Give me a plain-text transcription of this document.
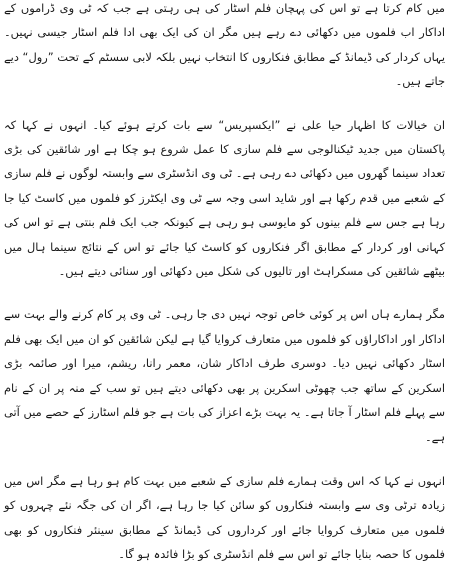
میں کام کرتا ہے تو اس کی پہچان فلم اسٹار کی ہی رہتی ہے جب کہ ٹی وی ڈراموں کے اداکار اب فلموں میں دکھائی دے رہے ہیں مگر ان کی ایک بھی ادا فلم اسٹار جیسی نہیں۔ یہاں کردار کی ڈیمانڈ کے مطابق فنکاروں کا انتخاب نہیں بلکہ لابی سسٹم کے تحت ”رول“ دیے جاتے ہیں۔

ان خیالات کا اظہار حیا علی نے ”ایکسپریس“ سے بات کرتے ہوئے کیا۔ انہوں نے کہا کہ پاکستان میں جدید ٹیکنالوجی سے فلم سازی کا عمل شروع ہو چکا ہے اور شائقین کی بڑی تعداد سینما گھروں میں دکھائی دے رہی ہے۔ ٹی وی انڈسٹری سے وابستہ لوگوں نے فلم سازی کے شعبے میں قدم رکھا ہے اور شاید اسی وجہ سے ٹی وی ایکٹرز کو فلموں میں کاسٹ کیا جا رہا ہے جس سے فلم بینوں کو مایوسی ہو رہی ہے کیونکہ جب ایک فلم بنتی ہے تو اس کی کہانی اور کردار کے مطابق اگر فنکاروں کو کاسٹ کیا جائے تو اس کے نتائج سینما ہال میں بیٹھے شائقین کی مسکراہٹ اور تالیوں کی شکل میں دکھائی اور سنائی دیتے ہیں۔

مگر ہمارے ہاں اس پر کوئی خاص توجہ نہیں دی جا رہی۔ ٹی وی پر کام کرنے والے بہت سے اداکار اور اداکاراؤں کو فلموں میں متعارف کروایا گیا ہے لیکن شائقین کو ان میں ایک بھی فلم اسٹار دکھائی نہیں دیا۔ دوسری طرف اداکار شان، معمر رانا، ریشم، میرا اور صائمہ بڑی اسکرین کے ساتھ جب چھوٹی اسکرین پر بھی دکھائی دیتے ہیں تو سب کے منہ پر ان کے نام سے پہلے فلم اسٹار آ جاتا ہے۔ یہ بہت بڑے اعزاز کی بات ہے جو فلم اسٹارز کے حصے میں آتی ہے۔

انہوں نے کہا کہ اس وقت ہمارے فلم سازی کے شعبے میں بہت کام ہو رہا ہے مگر اس میں زیادہ ترٹی وی سے وابستہ فنکاروں کو سائن کیا جا رہا ہے، اگر ان کی جگہ نئے چہروں کو فلموں میں متعارف کروایا جائے اور کرداروں کی ڈیمانڈ کے مطابق سینئر فنکاروں کو بھی فلموں کا حصہ بنایا جائے تو اس سے فلم انڈسٹری کو بڑا فائدہ ہو گا۔
